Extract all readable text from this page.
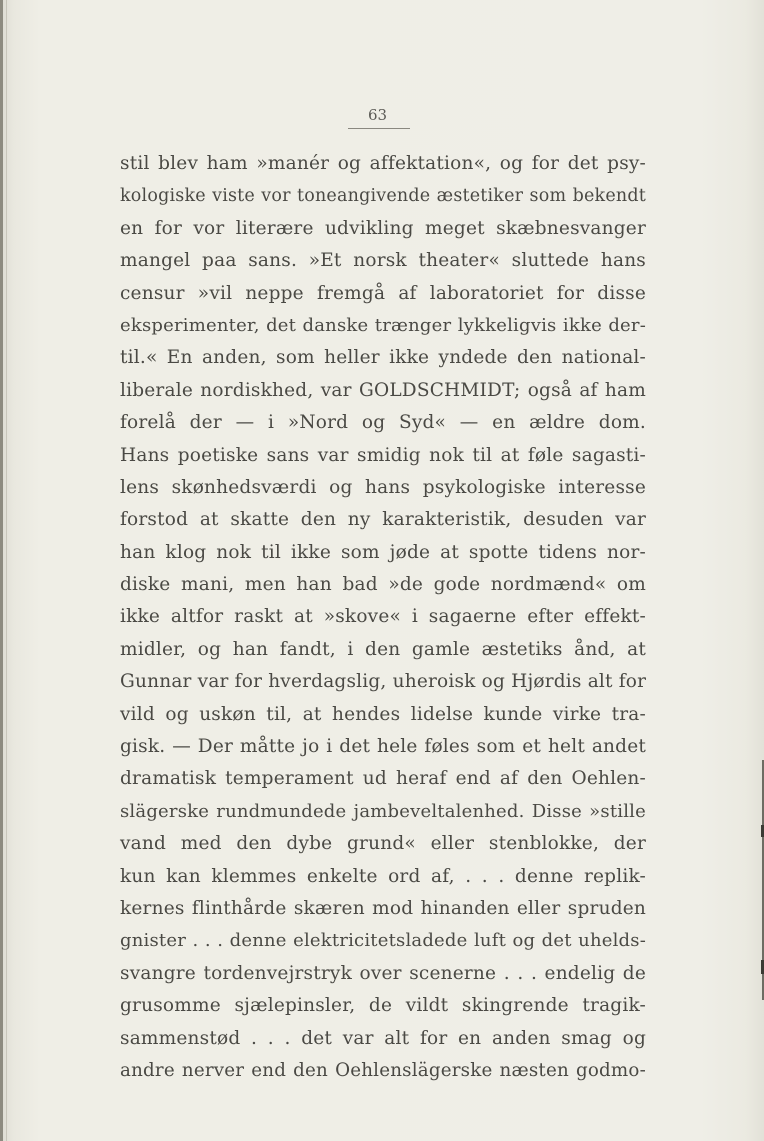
63
stil blev ham »manér og affektation«, og for det psy-
kologiske viste vor toneangivende æstetiker som bekendt
en for vor literære udvikling meget skæbnesvanger
mangel paa sans. »Et norsk theater« sluttede hans
censur »vil neppe fremgå af laboratoriet for disse
eksperimenter, det danske trænger lykkeligvis ikke der-
til.« En anden, som heller ikke yndede den national-
liberale nordiskhed, var GOLDSCHMIDT; også af ham
forelå der — i »Nord og Syd« — en ældre dom.
Hans poetiske sans var smidig nok til at føle sagasti-
lens skønhedsværdi og hans psykologiske interesse
forstod at skatte den ny karakteristik, desuden var
han klog nok til ikke som jøde at spotte tidens nor-
diske mani, men han bad »de gode nordmænd« om
ikke altfor raskt at »skove« i sagaerne efter effekt-
midler, og han fandt, i den gamle æstetiks ånd, at
Gunnar var for hverdagslig, uheroisk og Hjørdis alt for
vild og uskøn til, at hendes lidelse kunde virke tra-
gisk. — Der måtte jo i det hele føles som et helt andet
dramatisk temperament ud heraf end af den Oehlen-
slägerske rundmundede jambeveltalenhed. Disse »stille
vand med den dybe grund« eller stenblokke, der
kun kan klemmes enkelte ord af, . . . denne replik-
kernes flinthårde skæren mod hinanden eller spruden
gnister . . . denne elektricitetsladede luft og det uhelds-
svangre tordenvejrstryk over scenerne . . . endelig de
grusomme sjælepinsler, de vildt skingrende tragik-
sammenstød . . . det var alt for en anden smag og
andre nerver end den Oehlenslägerske næsten godmo-
